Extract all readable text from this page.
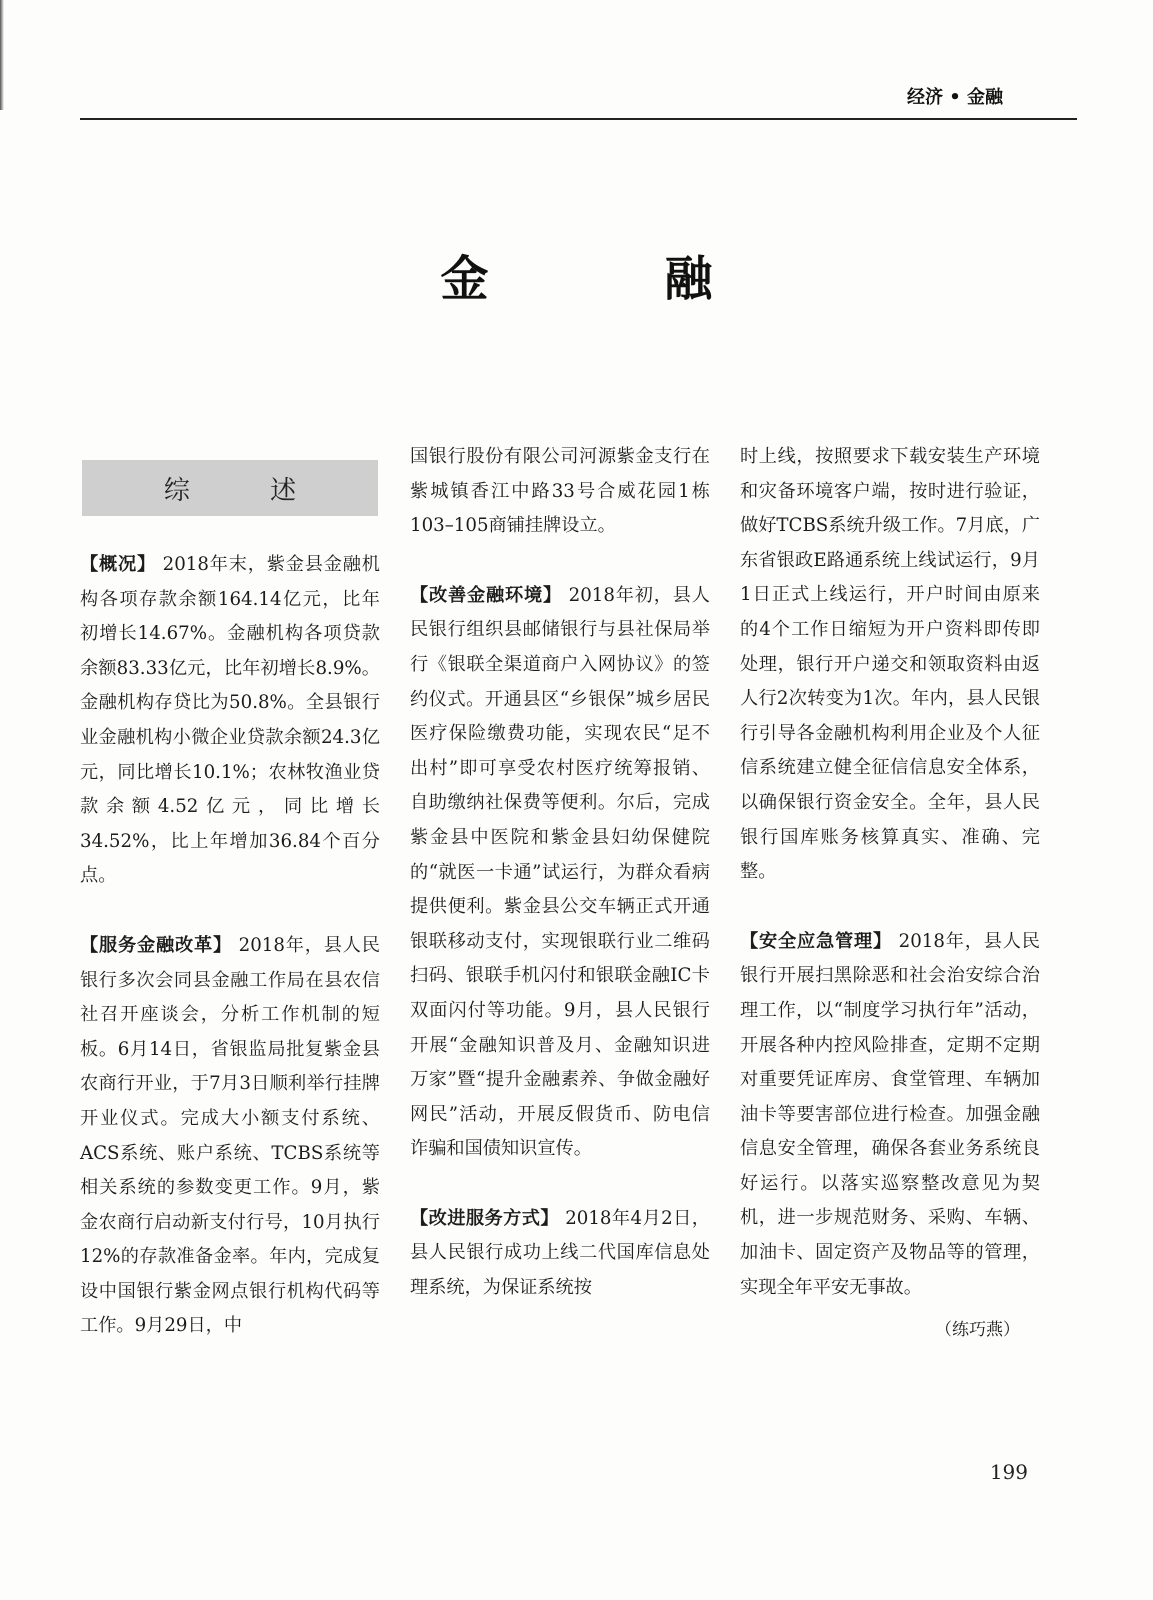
经济 • 金融
金　融
综 述

【概况】 2018年末，紫金县金融机构各项存款余额164.14亿元，比年初增长14.67%。金融机构各项贷款余额83.33亿元，比年初增长8.9%。金融机构存贷比为50.8%。全县银行业金融机构小微企业贷款余额24.3亿元，同比增长10.1%；农林牧渔业贷款余额4.52亿元，同比增长34.52%，比上年增加36.84个百分点。

【服务金融改革】 2018年，县人民银行多次会同县金融工作局在县农信社召开座谈会，分析工作机制的短板。6月14日，省银监局批复紫金县农商行开业，于7月3日顺利举行挂牌开业仪式。完成大小额支付系统、ACS系统、账户系统、TCBS系统等相关系统的参数变更工作。9月，紫金农商行启动新支付行号，10月执行12%的存款准备金率。年内，完成复设中国银行紫金网点银行机构代码等工作。9月29日，中

国银行股份有限公司河源紫金支行在紫城镇香江中路33号合威花园1栋103–105商铺挂牌设立。

【改善金融环境】 2018年初，县人民银行组织县邮储银行与县社保局举行《银联全渠道商户入网协议》的签约仪式。开通县区“乡银保”城乡居民医疗保险缴费功能，实现农民“足不出村”即可享受农村医疗统筹报销、自助缴纳社保费等便利。尔后，完成紫金县中医院和紫金县妇幼保健院的“就医一卡通”试运行，为群众看病提供便利。紫金县公交车辆正式开通银联移动支付，实现银联行业二维码扫码、银联手机闪付和银联金融IC卡双面闪付等功能。9月，县人民银行开展“金融知识普及月、金融知识进万家”暨“提升金融素养、争做金融好网民”活动，开展反假货币、防电信诈骗和国债知识宣传。

【改进服务方式】 2018年4月2日，县人民银行成功上线二代国库信息处理系统，为保证系统按

时上线，按照要求下载安装生产环境和灾备环境客户端，按时进行验证，做好TCBS系统升级工作。7月底，广东省银政E路通系统上线试运行，9月1日正式上线运行，开户时间由原来的4个工作日缩短为开户资料即传即处理，银行开户递交和领取资料由返人行2次转变为1次。年内，县人民银行引导各金融机构利用企业及个人征信系统建立健全征信信息安全体系，以确保银行资金安全。全年，县人民银行国库账务核算真实、准确、完整。

【安全应急管理】 2018年，县人民银行开展扫黑除恶和社会治安综合治理工作，以“制度学习执行年”活动，开展各种内控风险排查，定期不定期对重要凭证库房、食堂管理、车辆加油卡等要害部位进行检查。加强金融信息安全管理，确保各套业务系统良好运行。以落实巡察整改意见为契机，进一步规范财务、采购、车辆、加油卡、固定资产及物品等的管理，实现全年平安无事故。

（练巧燕）
199
